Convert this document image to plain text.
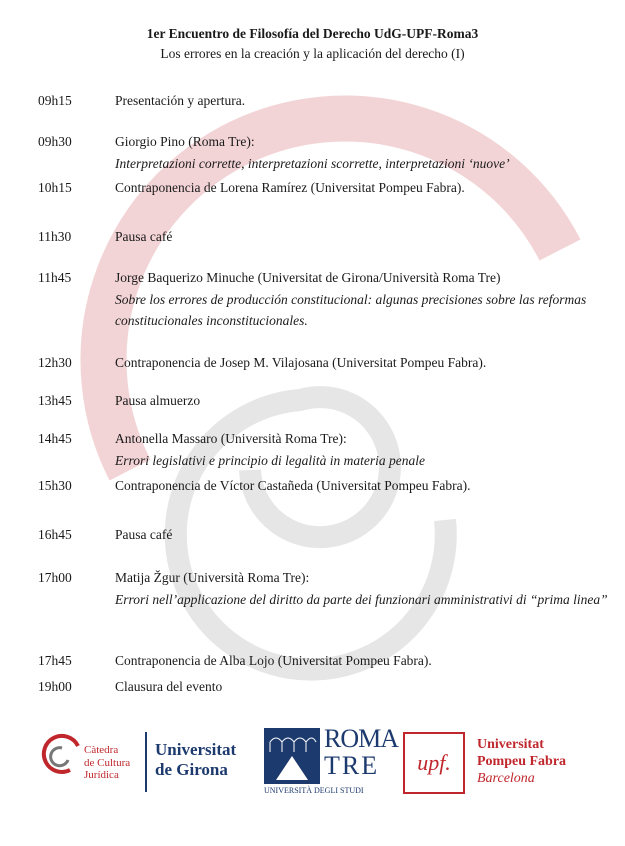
1er Encuentro de Filosofía del Derecho UdG-UPF-Roma3
Los errores en la creación y la aplicación del derecho (I)
09h15	Presentación y apertura.
09h30	Giorgio Pino (Roma Tre):
Interpretazioni corrette, interpretazioni scorrette, interpretazioni ‘nuove’
10h15	Contraponencia de Lorena Ramírez (Universitat Pompeu Fabra).
11h30	Pausa café
11h45	Jorge Baquerizo Minuche (Universitat de Girona/Università Roma Tre)
Sobre los errores de producción constitucional: algunas precisiones sobre las reformas constitucionales inconstitucionales.
12h30	Contraponencia de Josep M. Vilajosana (Universitat Pompeu Fabra).
13h45	Pausa almuerzo
14h45	Antonella Massaro (Università Roma Tre):
Errori legislativi e principio di legalità in materia penale
15h30	Contraponencia de Víctor Castañeda (Universitat Pompeu Fabra).
16h45	Pausa café
17h00	Matija Žgur (Università Roma Tre):
Errori nell’applicazione del diritto da parte dei funzionari amministrativi di “prima linea”
17h45	Contraponencia de Alba Lojo (Universitat Pompeu Fabra).
19h00	Clausura del evento
Càtedra
de Cultura
Jurídica
Universitat
de Girona
ROMA
TRE
UNIVERSITÀ DEGLI STUDI
upf.
Universitat
Pompeu Fabra
Barcelona
